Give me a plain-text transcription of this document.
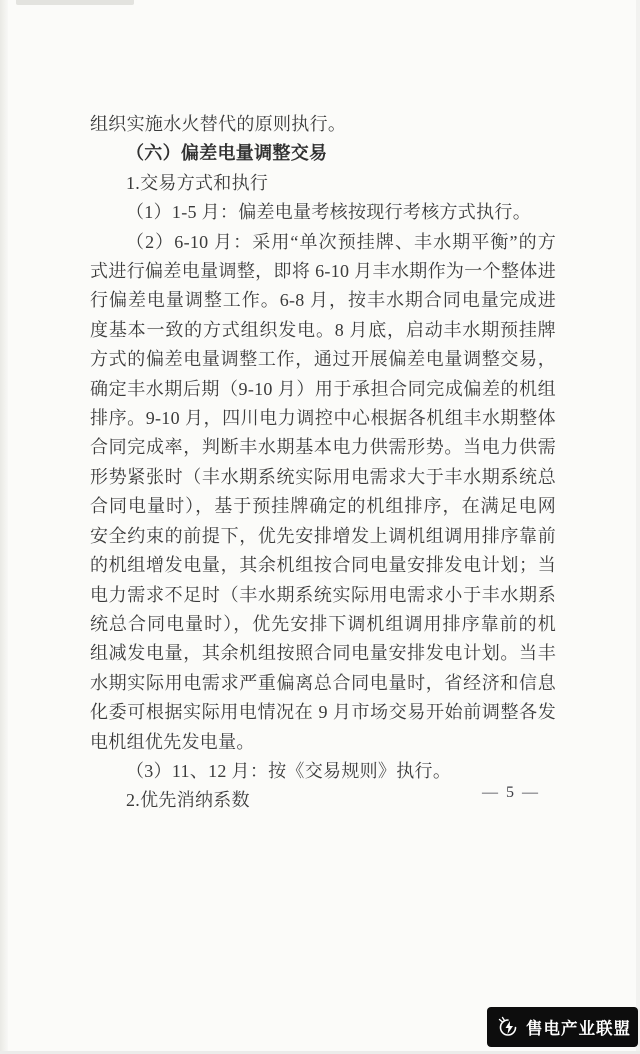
组织实施水火替代的原则执行。

（六）偏差电量调整交易

1.交易方式和执行

（1）1-5 月：偏差电量考核按现行考核方式执行。

（2）6-10 月：采用“单次预挂牌、丰水期平衡”的方式进行偏差电量调整，即将 6-10 月丰水期作为一个整体进行偏差电量调整工作。6-8 月，按丰水期合同电量完成进度基本一致的方式组织发电。8 月底，启动丰水期预挂牌方式的偏差电量调整工作，通过开展偏差电量调整交易，确定丰水期后期（9-10 月）用于承担合同完成偏差的机组排序。9-10 月，四川电力调控中心根据各机组丰水期整体合同完成率，判断丰水期基本电力供需形势。当电力供需形势紧张时（丰水期系统实际用电需求大于丰水期系统总合同电量时），基于预挂牌确定的机组排序，在满足电网安全约束的前提下，优先安排增发上调机组调用排序靠前的机组增发电量，其余机组按合同电量安排发电计划；当电力需求不足时（丰水期系统实际用电需求小于丰水期系统总合同电量时），优先安排下调机组调用排序靠前的机组减发电量，其余机组按照合同电量安排发电计划。当丰水期实际用电需求严重偏离总合同电量时，省经济和信息化委可根据实际用电情况在 9 月市场交易开始前调整各发电机组优先发电量。

（3）11、12 月：按《交易规则》执行。

2.优先消纳系数	— 5 —
售电产业联盟
